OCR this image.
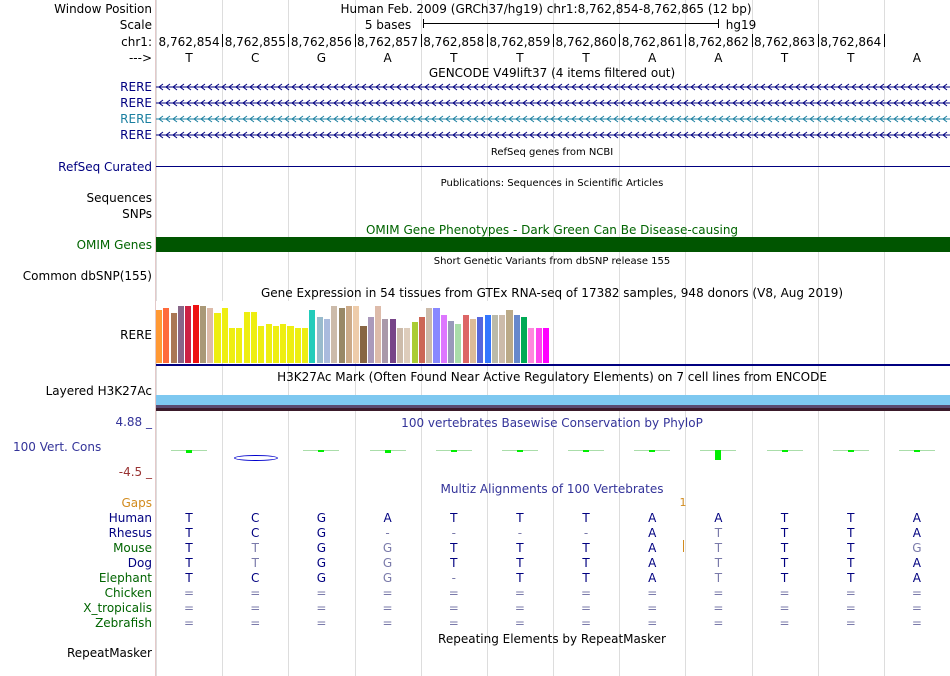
Window Position	Human Feb. 2009 (GRCh37/hg19) chr1:8,762,854-8,762,865 (12 bp)
Scale	5 bases	hg19
chr1: 8,762,854 8,762,855 8,762,856 8,762,857 8,762,858 8,762,859 8,762,860 8,762,861 8,762,862 8,762,863 8,762,864
--->	T	C	G	A	T	T	T	A	A	T	T	A
GENCODE V49lift37 (4 items filtered out)
RERE
RERE
RERE
RERE
RefSeq genes from NCBI
RefSeq Curated
Publications: Sequences in Scientific Articles
Sequences
SNPs
OMIM Gene Phenotypes - Dark Green Can Be Disease-causing
OMIM Genes
Short Genetic Variants from dbSNP release 155
Common dbSNP(155)
Gene Expression in 54 tissues from GTEx RNA-seq of 17382 samples, 948 donors (V8, Aug 2019)
RERE
H3K27Ac Mark (Often Found Near Active Regulatory Elements) on 7 cell lines from ENCODE
Layered H3K27Ac
100 vertebrates Basewise Conservation by PhyloP
4.88 _
100 Vert. Cons
-4.5 _
Multiz Alignments of 100 Vertebrates
Gaps	1
Human	T	C	G	A	T	T	T	A	A	T	T	A
Rhesus	T	C	G	-	-	-	-	A	T	T	T	A
Mouse	T	T	G	G	T	T	T	A	T	T	T	G
Dog	T	T	G	G	T	T	T	A	T	T	T	A
Elephant	T	C	G	G	-	T	T	A	T	T	T	A
Chicken	=	=	=	=	=	=	=	=	=	=	=	=
X_tropicalis	=	=	=	=	=	=	=	=	=	=	=	=
Zebrafish	=	=	=	=	=	=	=	=	=	=	=	=
Repeating Elements by RepeatMasker
RepeatMasker
